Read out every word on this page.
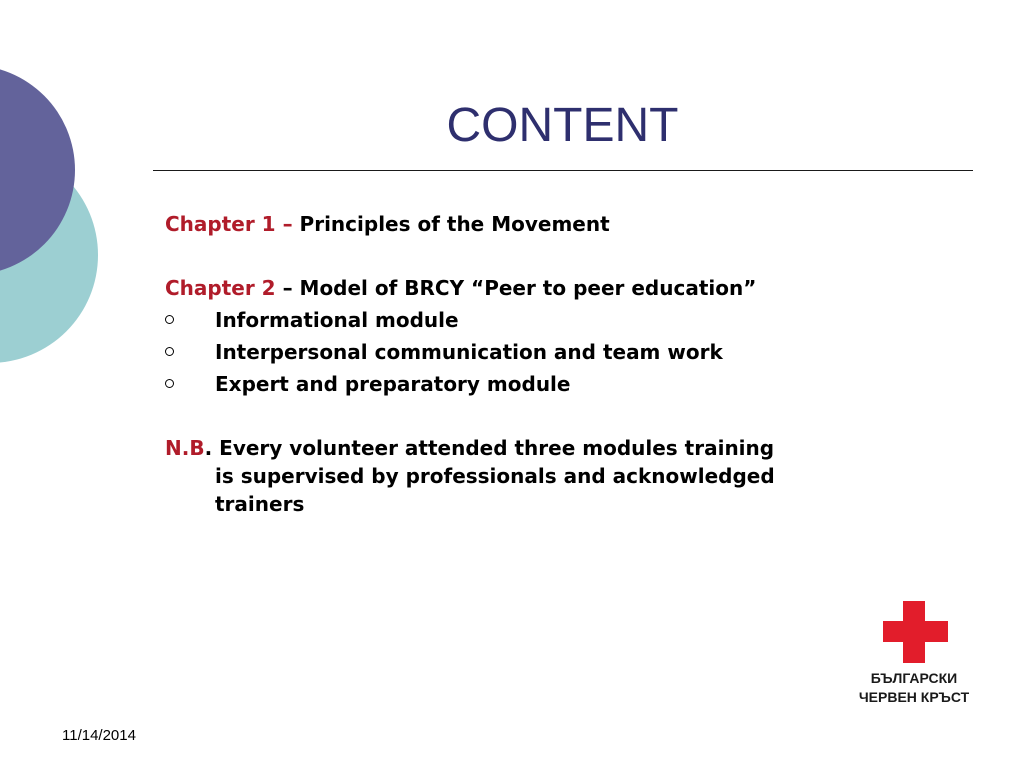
CONTENT

Chapter 1 – Principles of the Movement

Chapter 2 – Model of BRCY “Peer to peer education”

Informational module
Interpersonal communication and team work
Expert and preparatory module

N.B. Every volunteer attended three modules training is supervised by professionals and acknowledged trainers

БЪЛГАРСКИ
ЧЕРВЕН КРЪСТ
11/14/2014
